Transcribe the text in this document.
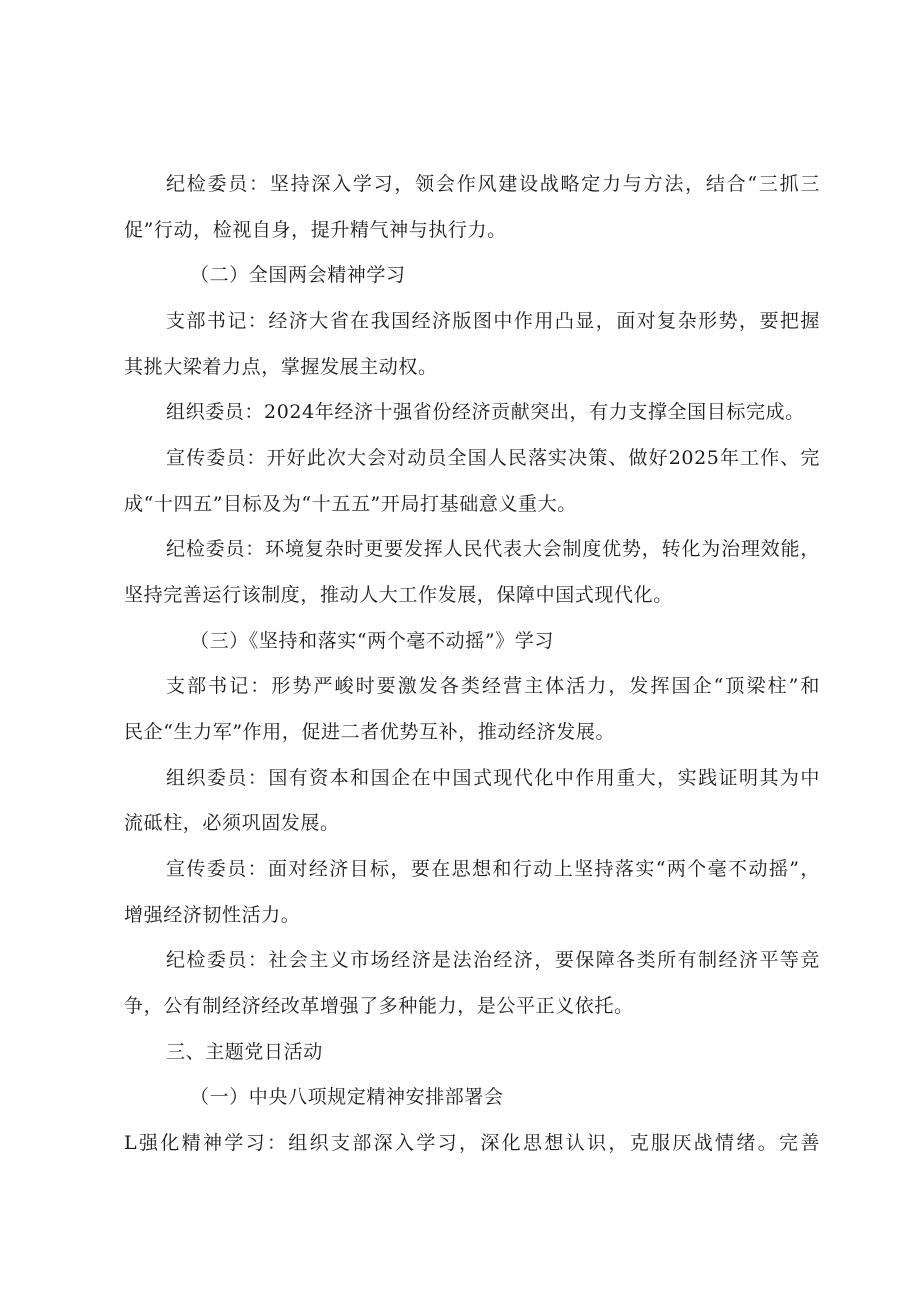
纪检委员：坚持深入学习，领会作风建设战略定力与方法，结合“三抓三
促”行动，检视自身，提升精气神与执行力。
（二）全国两会精神学习
支部书记：经济大省在我国经济版图中作用凸显，面对复杂形势，要把握
其挑大梁着力点，掌握发展主动权。
组织委员：2024年经济十强省份经济贡献突出，有力支撑全国目标完成。
宣传委员：开好此次大会对动员全国人民落实决策、做好2025年工作、完
成“十四五”目标及为“十五五”开局打基础意义重大。
纪检委员：环境复杂时更要发挥人民代表大会制度优势，转化为治理效能，
坚持完善运行该制度，推动人大工作发展，保障中国式现代化。
（三）《坚持和落实“两个毫不动摇”》学习
支部书记：形势严峻时要激发各类经营主体活力，发挥国企“顶梁柱”和
民企“生力军”作用，促进二者优势互补，推动经济发展。
组织委员：国有资本和国企在中国式现代化中作用重大，实践证明其为中
流砥柱，必须巩固发展。
宣传委员：面对经济目标，要在思想和行动上坚持落实“两个毫不动摇”，
增强经济韧性活力。
纪检委员：社会主义市场经济是法治经济，要保障各类所有制经济平等竞
争，公有制经济经改革增强了多种能力，是公平正义依托。
三、主题党日活动
（一）中央八项规定精神安排部署会
L强化精神学习：组织支部深入学习，深化思想认识，克服厌战情绪。完善
